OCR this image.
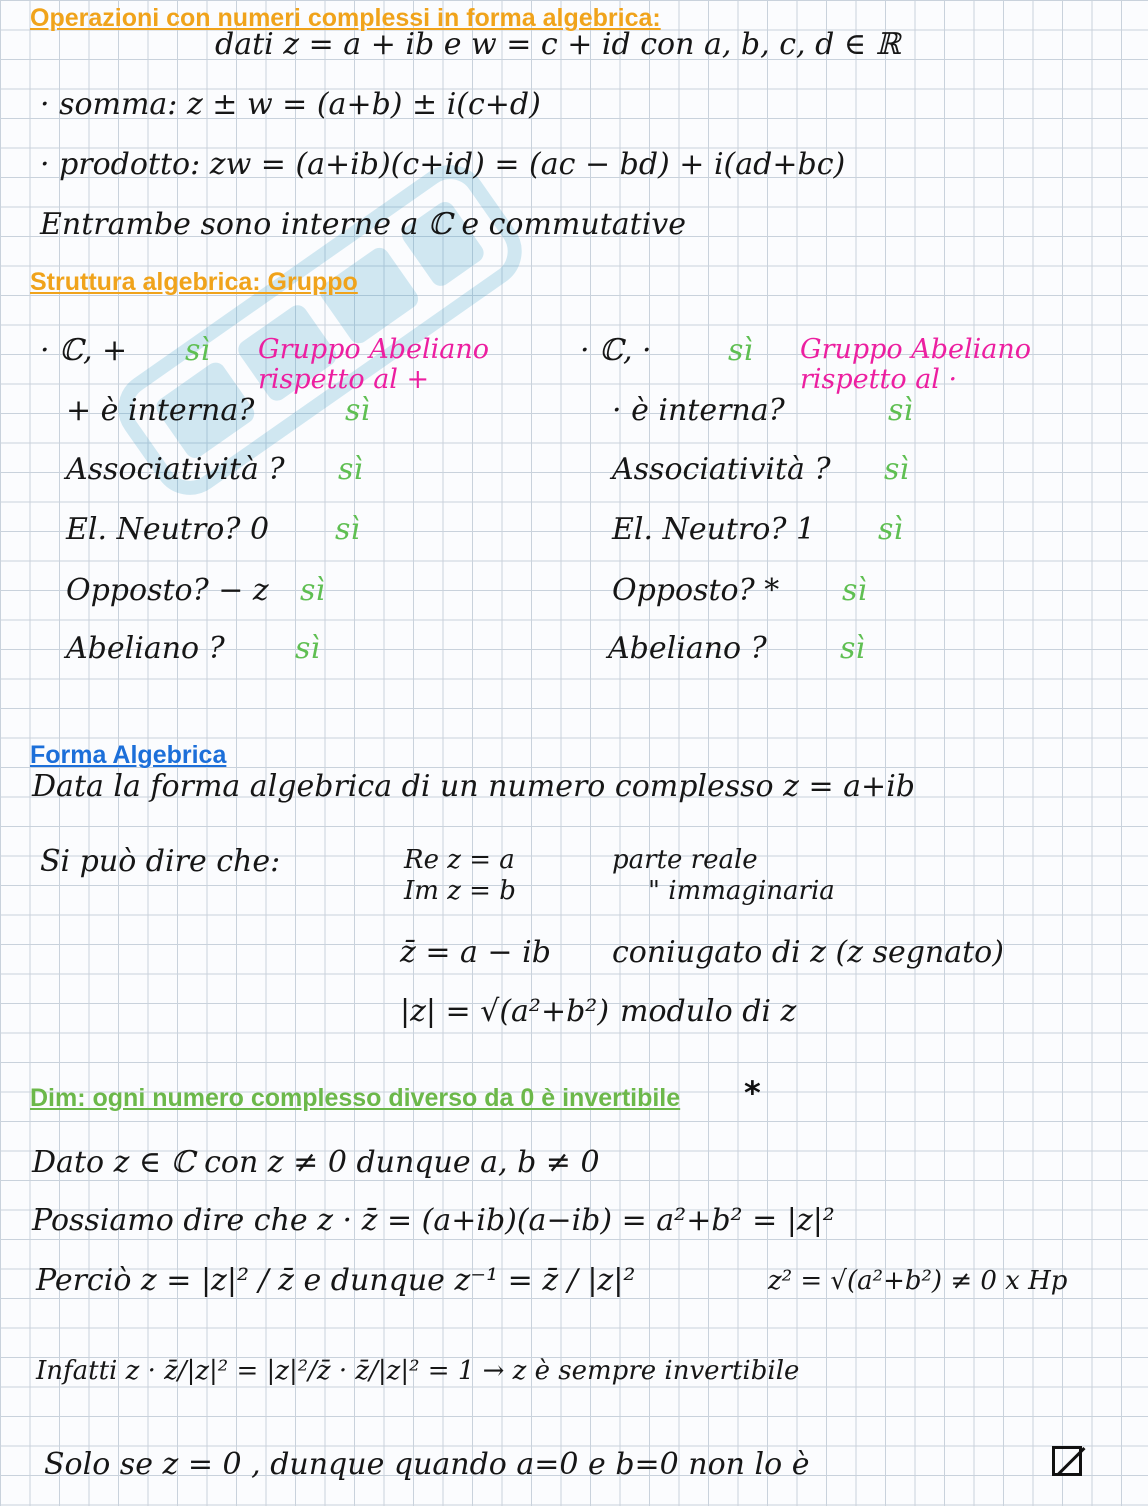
Operazioni con numeri complessi in forma algebrica:
dati z = a + ib e w = c + id con a, b, c, d ∈ ℝ
· somma: z ± w = (a+b) ± i(c+d)
· prodotto: zw = (a+ib)(c+id) = (ac − bd) + i(ad+bc)
Entrambe sono interne a ℂ e commutative
Struttura algebrica: Gruppo
· ℂ, + sì Gruppo Abeliano
rispetto al +
+ è interna?	sì
Associatività ? sì
El. Neutro? 0 sì
Opposto? − z sì
Abeliano ? sì
· ℂ, ·	sì Gruppo Abeliano
rispetto al ·
· è interna?	sì
Associatività ? sì
El. Neutro? 1 sì
Opposto? * sì
Abeliano ? sì
Forma Algebrica
Data la forma algebrica di un numero complesso z = a+ib
Si può dire che:	Re z = a	parte reale
Im z = b	" immaginaria
z̄ = a − ib coniugato di z (z segnato)
|z| = √(a²+b²) modulo di z
Dim: ogni numero complesso diverso da 0 è invertibile *
Dato z ∈ ℂ con z ≠ 0 dunque a, b ≠ 0
Possiamo dire che z · z̄ = (a+ib)(a−ib) = a²+b² = |z|²
Perciò z = |z|² / z̄ e dunque z⁻¹ = z̄ / |z|²	z² = √(a²+b²) ≠ 0 x Hp
Infatti z · z̄/|z|² = |z|²/z̄ · z̄/|z|² = 1 → z è sempre invertibile
Solo se z = 0 , dunque quando a=0 e b=0 non lo è
